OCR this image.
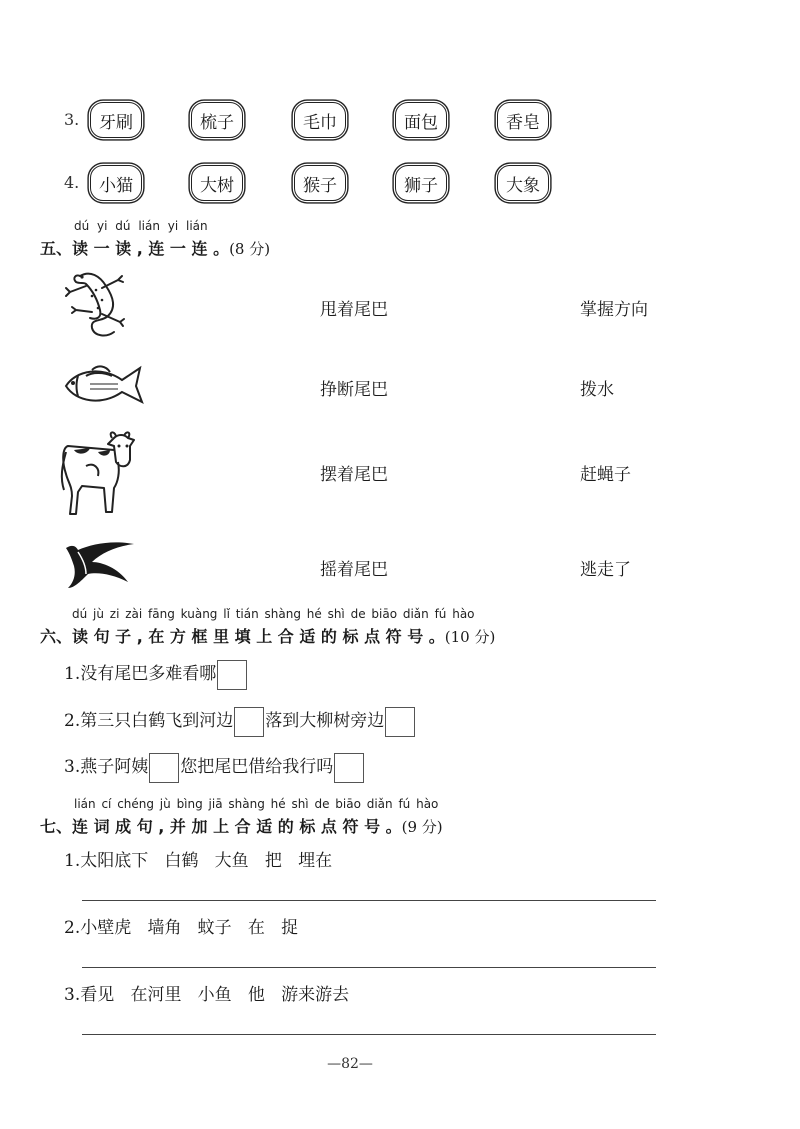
3.	牙刷	梳子	毛巾	面包	香皂
4.	小猫	大树	猴子	狮子	大象
dú yi dú lián yi lián
五、读 一 读 , 连 一 连 。(8 分)
甩着尾巴	掌握方向
挣断尾巴	拨水
摆着尾巴	赶蝇子
摇着尾巴	逃走了
dú jù zi zài fāng kuàng lǐ tián shàng hé shì de biāo diǎn fú hào
六、读 句 子 , 在 方 框 里 填 上 合 适 的 标 点 符 号 。(10 分)
1.没有尾巴多难看哪
2.第三只白鹤飞到河边 落到大柳树旁边
3.燕子阿姨 您把尾巴借给我行吗
lián cí chéng jù bìng jiā shàng hé shì de biāo diǎn fú hào
七、连 词 成 句 , 并 加 上 合 适 的 标 点 符 号 。(9 分)
1.太阳底下   白鹤   大鱼   把   埋在
2.小壁虎   墙角   蚊子   在   捉
3.看见   在河里   小鱼   他   游来游去
—82—
